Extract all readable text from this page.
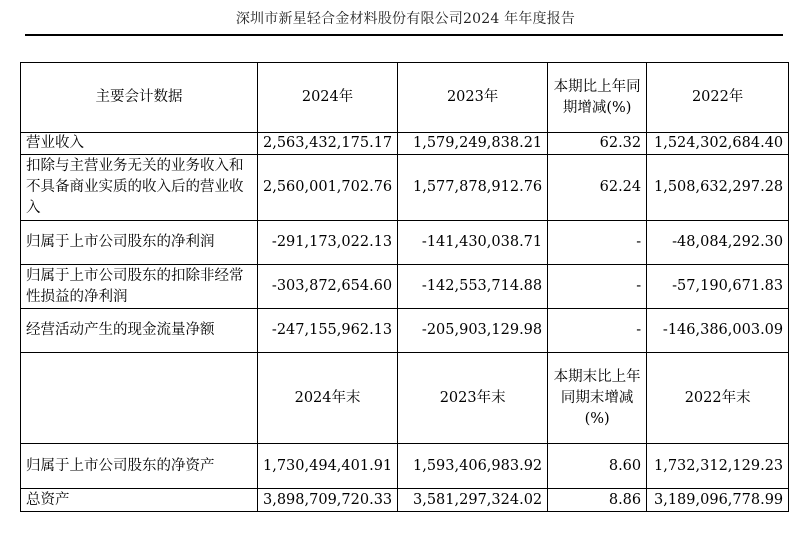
深圳市新星轻合金材料股份有限公司2024 年年度报告
主要会计数据	2024年	2023年	本期比上年同期增减(%)	2022年
营业收入	2,563,432,175.17	1,579,249,838.21	62.32	1,524,302,684.40
扣除与主营业务无关的业务收入和不具备商业实质的收入后的营业收入	2,560,001,702.76	1,577,878,912.76	62.24	1,508,632,297.28
归属于上市公司股东的净利润	-291,173,022.13	-141,430,038.71	-	-48,084,292.30
归属于上市公司股东的扣除非经常性损益的净利润	-303,872,654.60	-142,553,714.88	-	-57,190,671.83
经营活动产生的现金流量净额	-247,155,962.13	-205,903,129.98	-	-146,386,003.09
	2024年末	2023年末	本期末比上年同期末增减(%)	2022年末
归属于上市公司股东的净资产	1,730,494,401.91	1,593,406,983.92	8.60	1,732,312,129.23
总资产	3,898,709,720.33	3,581,297,324.02	8.86	3,189,096,778.99
